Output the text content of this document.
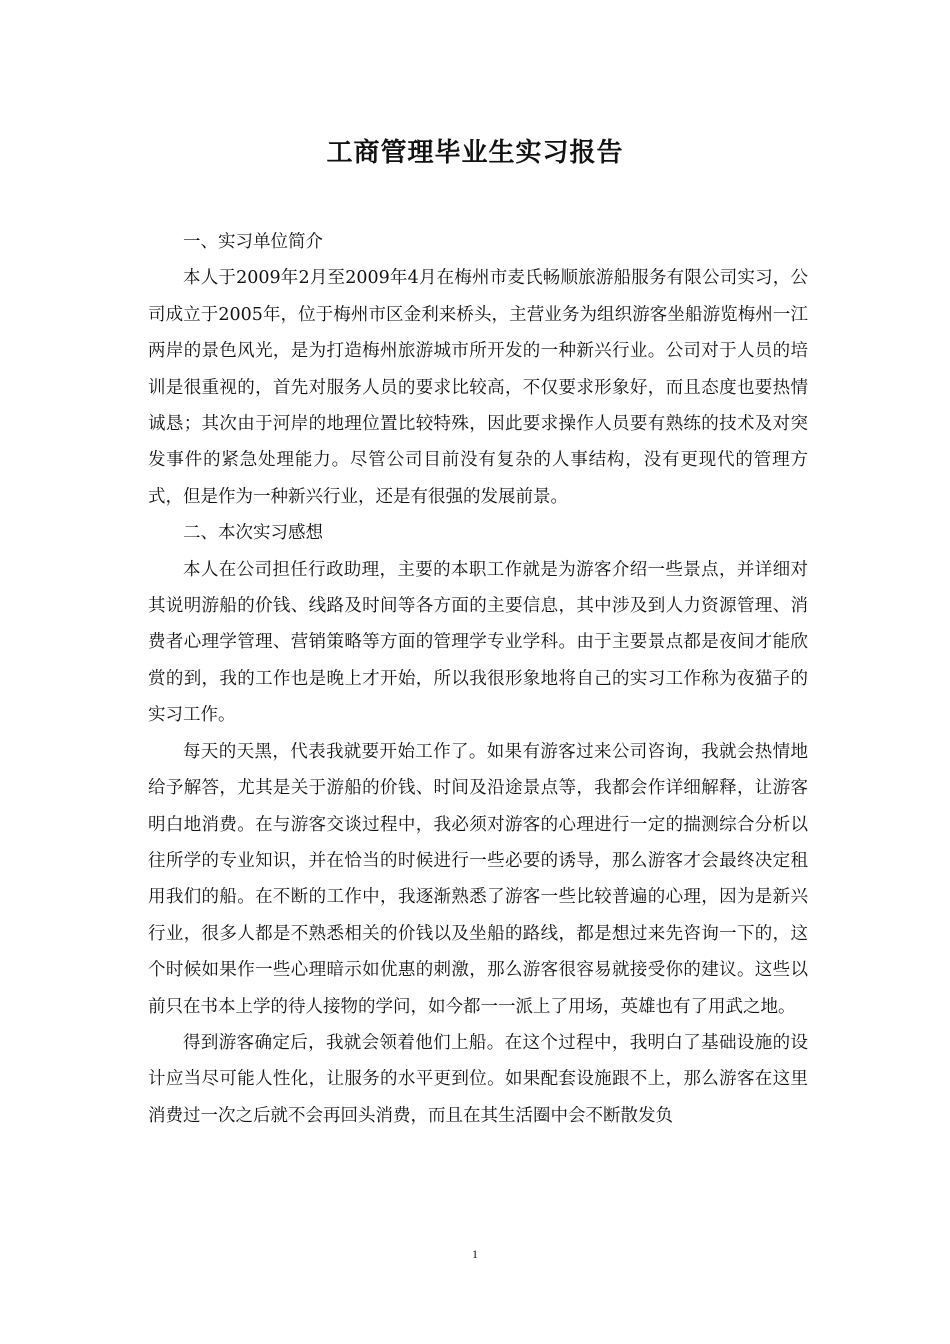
工商管理毕业生实习报告

一、实习单位简介

本人于2009年2月至2009年4月在梅州市麦氏畅顺旅游船服务有限公司实习，公司成立于2005年，位于梅州市区金利来桥头，主营业务为组织游客坐船游览梅州一江两岸的景色风光，是为打造梅州旅游城市所开发的一种新兴行业。公司对于人员的培训是很重视的，首先对服务人员的要求比较高，不仅要求形象好，而且态度也要热情诚恳；其次由于河岸的地理位置比较特殊，因此要求操作人员要有熟练的技术及对突发事件的紧急处理能力。尽管公司目前没有复杂的人事结构，没有更现代的管理方式，但是作为一种新兴行业，还是有很强的发展前景。

二、本次实习感想

本人在公司担任行政助理，主要的本职工作就是为游客介绍一些景点，并详细对其说明游船的价钱、线路及时间等各方面的主要信息，其中涉及到人力资源管理、消费者心理学管理、营销策略等方面的管理学专业学科。由于主要景点都是夜间才能欣赏的到，我的工作也是晚上才开始，所以我很形象地将自己的实习工作称为夜猫子的实习工作。

每天的天黑，代表我就要开始工作了。如果有游客过来公司咨询，我就会热情地给予解答，尤其是关于游船的价钱、时间及沿途景点等，我都会作详细解释，让游客明白地消费。在与游客交谈过程中，我必须对游客的心理进行一定的揣测综合分析以往所学的专业知识，并在恰当的时候进行一些必要的诱导，那么游客才会最终决定租用我们的船。在不断的工作中，我逐渐熟悉了游客一些比较普遍的心理，因为是新兴行业，很多人都是不熟悉相关的价钱以及坐船的路线，都是想过来先咨询一下的，这个时候如果作一些心理暗示如优惠的刺激，那么游客很容易就接受你的建议。这些以前只在书本上学的待人接物的学问，如今都一一派上了用场，英雄也有了用武之地。

得到游客确定后，我就会领着他们上船。在这个过程中，我明白了基础设施的设计应当尽可能人性化，让服务的水平更到位。如果配套设施跟不上，那么游客在这里消费过一次之后就不会再回头消费，而且在其生活圈中会不断散发负

1
